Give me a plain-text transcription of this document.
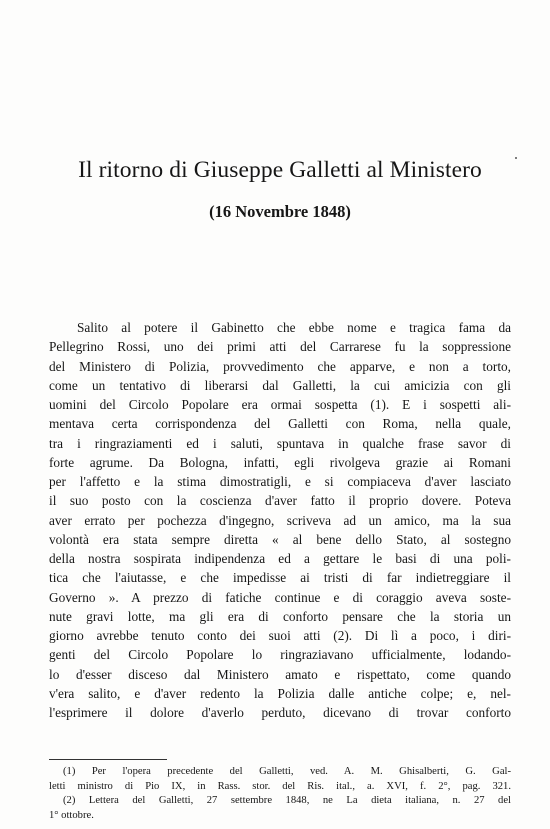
Il ritorno di Giuseppe Galletti al Ministero
(16 Novembre 1848)
Salito al potere il Gabinetto che ebbe nome e tragica fama da
Pellegrino Rossi, uno dei primi atti del Carrarese fu la soppressione
del Ministero di Polizia, provvedimento che apparve, e non a torto,
come un tentativo di liberarsi dal Galletti, la cui amicizia con gli
uomini del Circolo Popolare era ormai sospetta (1). E i sospetti ali-
mentava certa corrispondenza del Galletti con Roma, nella quale,
tra i ringraziamenti ed i saluti, spuntava in qualche frase savor di
forte agrume. Da Bologna, infatti, egli rivolgeva grazie ai Romani
per l'affetto e la stima dimostratigli, e si compiaceva d'aver lasciato
il suo posto con la coscienza d'aver fatto il proprio dovere. Poteva
aver errato per pochezza d'ingegno, scriveva ad un amico, ma la sua
volontà era stata sempre diretta « al bene dello Stato, al sostegno
della nostra sospirata indipendenza ed a gettare le basi di una poli-
tica che l'aiutasse, e che impedisse ai tristi di far indietreggiare il
Governo ». A prezzo di fatiche continue e di coraggio aveva soste-
nute gravi lotte, ma gli era di conforto pensare che la storia un
giorno avrebbe tenuto conto dei suoi atti (2). Di lì a poco, i diri-
genti del Circolo Popolare lo ringraziavano ufficialmente, lodando-
lo d'esser disceso dal Ministero amato e rispettato, come quando
v'era salito, e d'aver redento la Polizia dalle antiche colpe; e, nel-
l'esprimere il dolore d'averlo perduto, dicevano di trovar conforto
(1) Per l'opera precedente del Galletti, ved. A. M. Ghisalberti, G. Gal-
letti ministro di Pio IX, in Rass. stor. del Ris. ital., a. XVI, f. 2°, pag. 321.
(2) Lettera del Galletti, 27 settembre 1848, ne La dieta italiana, n. 27 del
1° ottobre.
